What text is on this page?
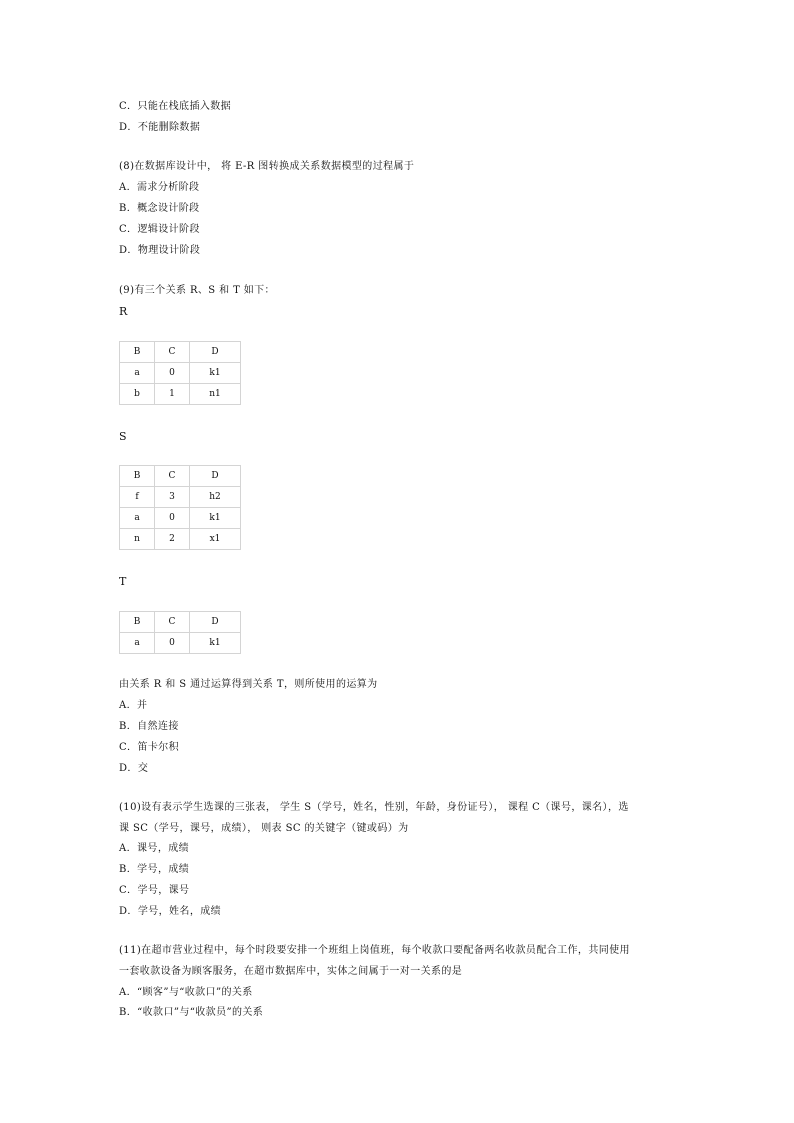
C．只能在栈底插入数据
D．不能删除数据
(8)在数据库设计中， 将 E-R 图转换成关系数据模型的过程属于
A．需求分析阶段
B．概念设计阶段
C．逻辑设计阶段
D．物理设计阶段
(9)有三个关系 R、S 和 T 如下：
R
B	C	D
a	0	k1
b	1	n1
S
B	C	D
f	3	h2
a	0	k1
n	2	x1
T
B	C	D
a	0	k1
由关系 R 和 S 通过运算得到关系 T，则所使用的运算为
A．并
B．自然连接
C．笛卡尔积
D．交
(10)设有表示学生选课的三张表， 学生 S（学号，姓名，性别，年龄，身份证号）， 课程 C（课号，课名），选
课 SC（学号，课号，成绩）， 则表 SC 的关键字（键或码）为
A．课号，成绩
B．学号，成绩
C．学号，课号
D．学号，姓名，成绩
(11)在超市营业过程中，每个时段要安排一个班组上岗值班，每个收款口要配备两名收款员配合工作，共同使用
一套收款设备为顾客服务，在超市数据库中，实体之间属于一对一关系的是
A．“顾客”与“收款口”的关系
B．“收款口”与“收款员”的关系
